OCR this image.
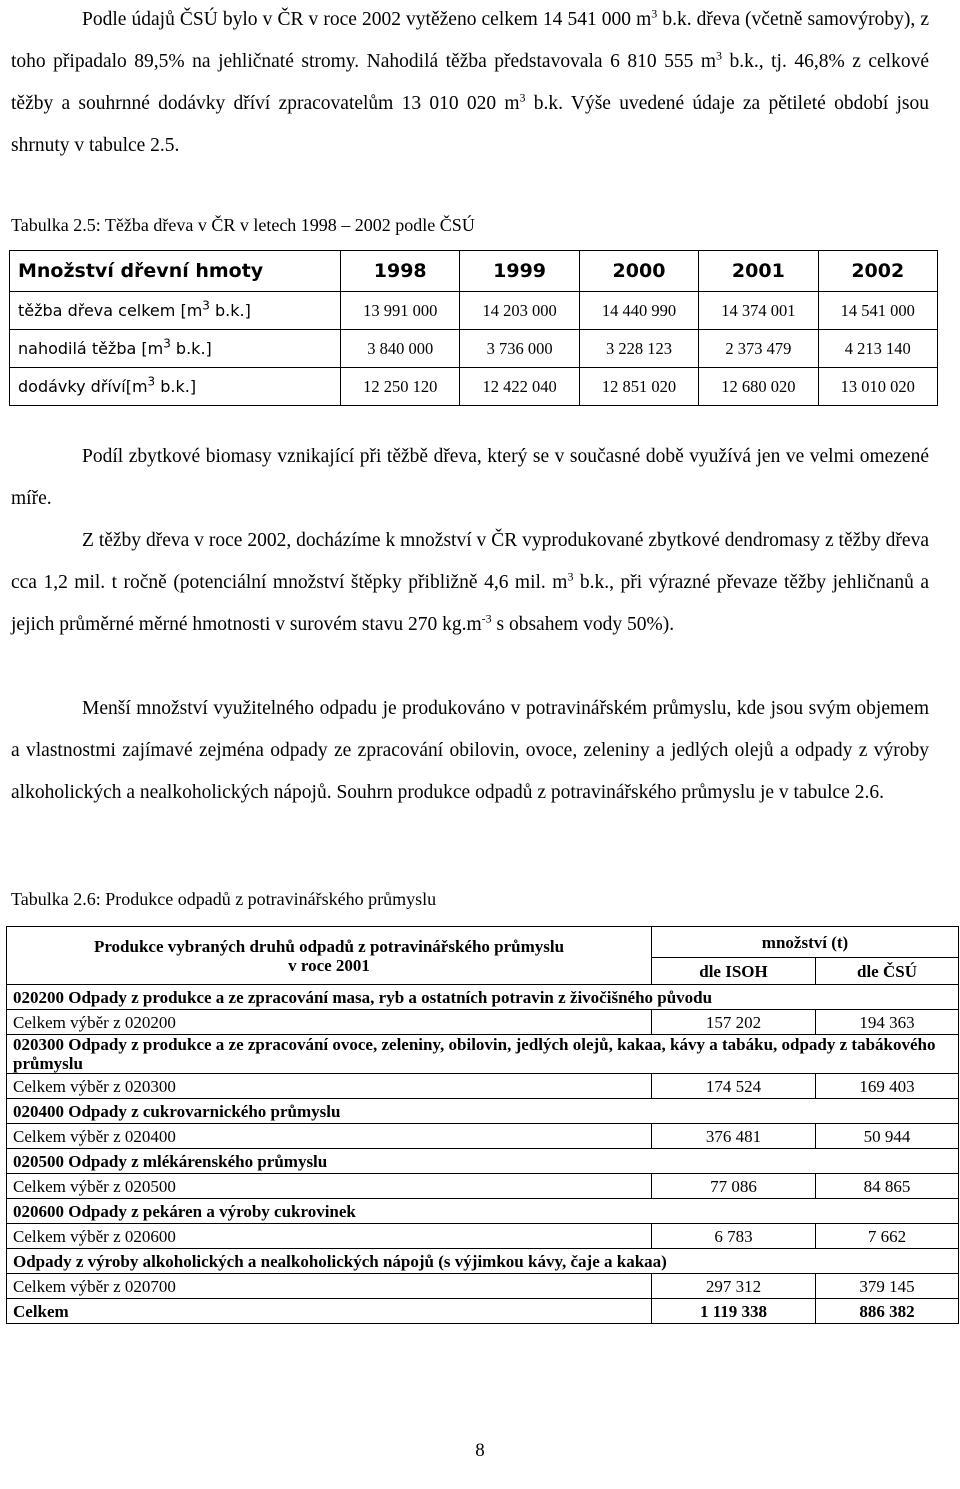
Podle údajů ČSÚ bylo v ČR v roce 2002 vytěženo celkem 14 541 000 $m^3$ b.k. dřeva (včetně samovýroby), z toho připadalo 89,5% na jehličnaté stromy. Nahodilá těžba představovala 6 810 555 $m^3$ b.k., tj. 46,8% z celkové těžby a souhrnné dodávky dříví zpracovatelům 13 010 020 $m^3$ b.k. Výše uvedené údaje za pětileté období jsou shrnuty v tabulce 2.5.
Tabulka 2.5: Těžba dřeva v ČR v letech 1998 – 2002 podle ČSÚ
Množství dřevní hmoty	1998	1999	2000	2001	2002
těžba dřeva celkem [$m^3$ b.k.]	13 991 000	14 203 000	14 440 990	14 374 001	14 541 000
nahodilá těžba [$m^3$ b.k.]	3 840 000	3 736 000	3 228 123	2 373 479	4 213 140
dodávky $dříví[m^3$ b.k.]	12 250 120	12 422 040	12 851 020	12 680 020	13 010 020
Podíl zbytkové biomasy vznikající při těžbě dřeva, který se v současné době využívá jen ve velmi omezené míře.
Z těžby dřeva v roce 2002, docházíme k množství v ČR vyprodukované zbytkové dendromasy z těžby dřeva cca 1,2 mil. t ročně (potenciální množství štěpky přibližně 4,6 mil. $m^3$ b.k., při výrazné převaze těžby jehličnanů a jejich průměrné měrné hmotnosti v surovém stavu 270 $kg.m^{-3}$ s obsahem vody 50%).
Menší množství využitelného odpadu je produkováno v potravinářském průmyslu, kde jsou svým objemem a vlastnostmi zajímavé zejména odpady ze zpracování obilovin, ovoce, zeleniny a jedlých olejů a odpady z výroby alkoholických a nealkoholických nápojů. Souhrn produkce odpadů z potravinářského průmyslu je v tabulce 2.6.
Tabulka 2.6: Produkce odpadů z potravinářského průmyslu
Produkce vybraných druhů odpadů z potravinářského průmyslu
v roce 2001	množství (t)	
	dle ISOH	dle ČSÚ
020200 Odpady z produkce a ze zpracování masa, ryb a ostatních potravin z živočišného původu		
Celkem výběr z 020200	157 202	194 363
020300 Odpady z produkce a ze zpracování ovoce, zeleniny, obilovin, jedlých olejů, kakaa, kávy a tabáku, odpady z tabákového průmyslu		
Celkem výběr z 020300	174 524	169 403
020400 Odpady z cukrovarnického průmyslu		
Celkem výběr z 020400	376 481	50 944
020500 Odpady z mlékárenského průmyslu		
Celkem výběr z 020500	77 086	84 865
020600 Odpady z pekáren a výroby cukrovinek		
Celkem výběr z 020600	6 783	7 662
Odpady z výroby alkoholických a nealkoholických nápojů (s výjimkou kávy, čaje a kakaa)		
Celkem výběr z 020700	297 312	379 145
Celkem	1 119 338	886 382
8
